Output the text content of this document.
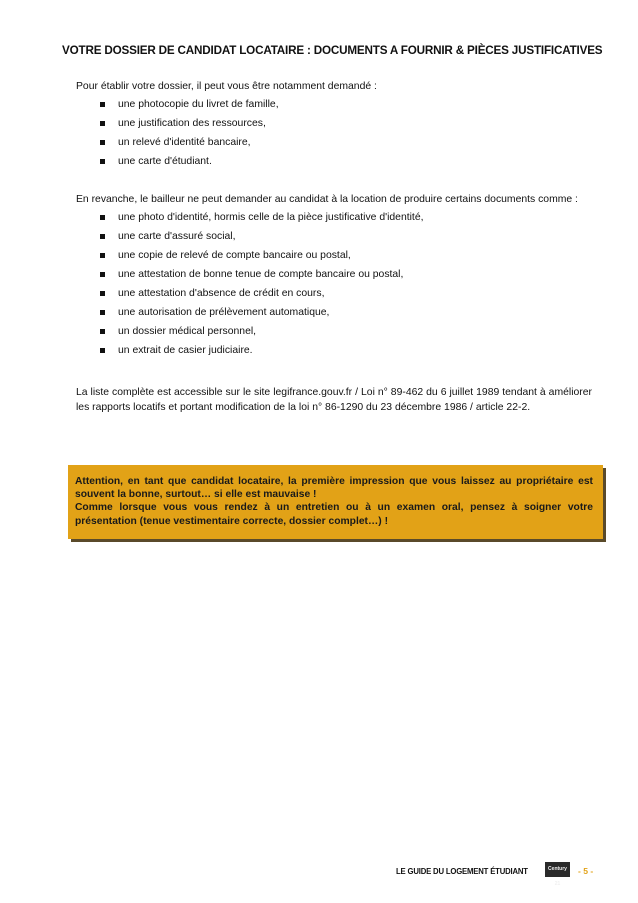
VOTRE DOSSIER DE CANDIDAT LOCATAIRE : DOCUMENTS A FOURNIR & PIÈCES JUSTIFICATIVES
Pour établir votre dossier, il peut vous être notamment demandé :
une photocopie du livret de famille,
une justification des ressources,
un relevé d'identité bancaire,
une carte d'étudiant.
En revanche, le bailleur ne peut demander au candidat à la location de produire certains documents comme :
une photo d'identité, hormis celle de la pièce justificative d'identité,
une carte d'assuré social,
une copie de relevé de compte bancaire ou postal,
une attestation de bonne tenue de compte bancaire ou postal,
une attestation d'absence de crédit en cours,
une autorisation de prélèvement automatique,
un dossier médical personnel,
un extrait de casier judiciaire.
La liste complète est accessible sur le site legifrance.gouv.fr / Loi n° 89-462 du 6 juillet 1989 tendant à améliorer les rapports locatifs et portant modification de la loi n° 86-1290 du 23 décembre 1986 / article 22-2.

Attention, en tant que candidat locataire, la première impression que vous laissez au propriétaire est souvent la bonne, surtout… si elle est mauvaise !
Comme lorsque vous vous rendez à un entretien ou à un examen oral, pensez à soigner votre présentation (tenue vestimentaire correcte, dossier complet…) !

LE GUIDE DU LOGEMENT ÉTUDIANT	Century 21
- 5 -
